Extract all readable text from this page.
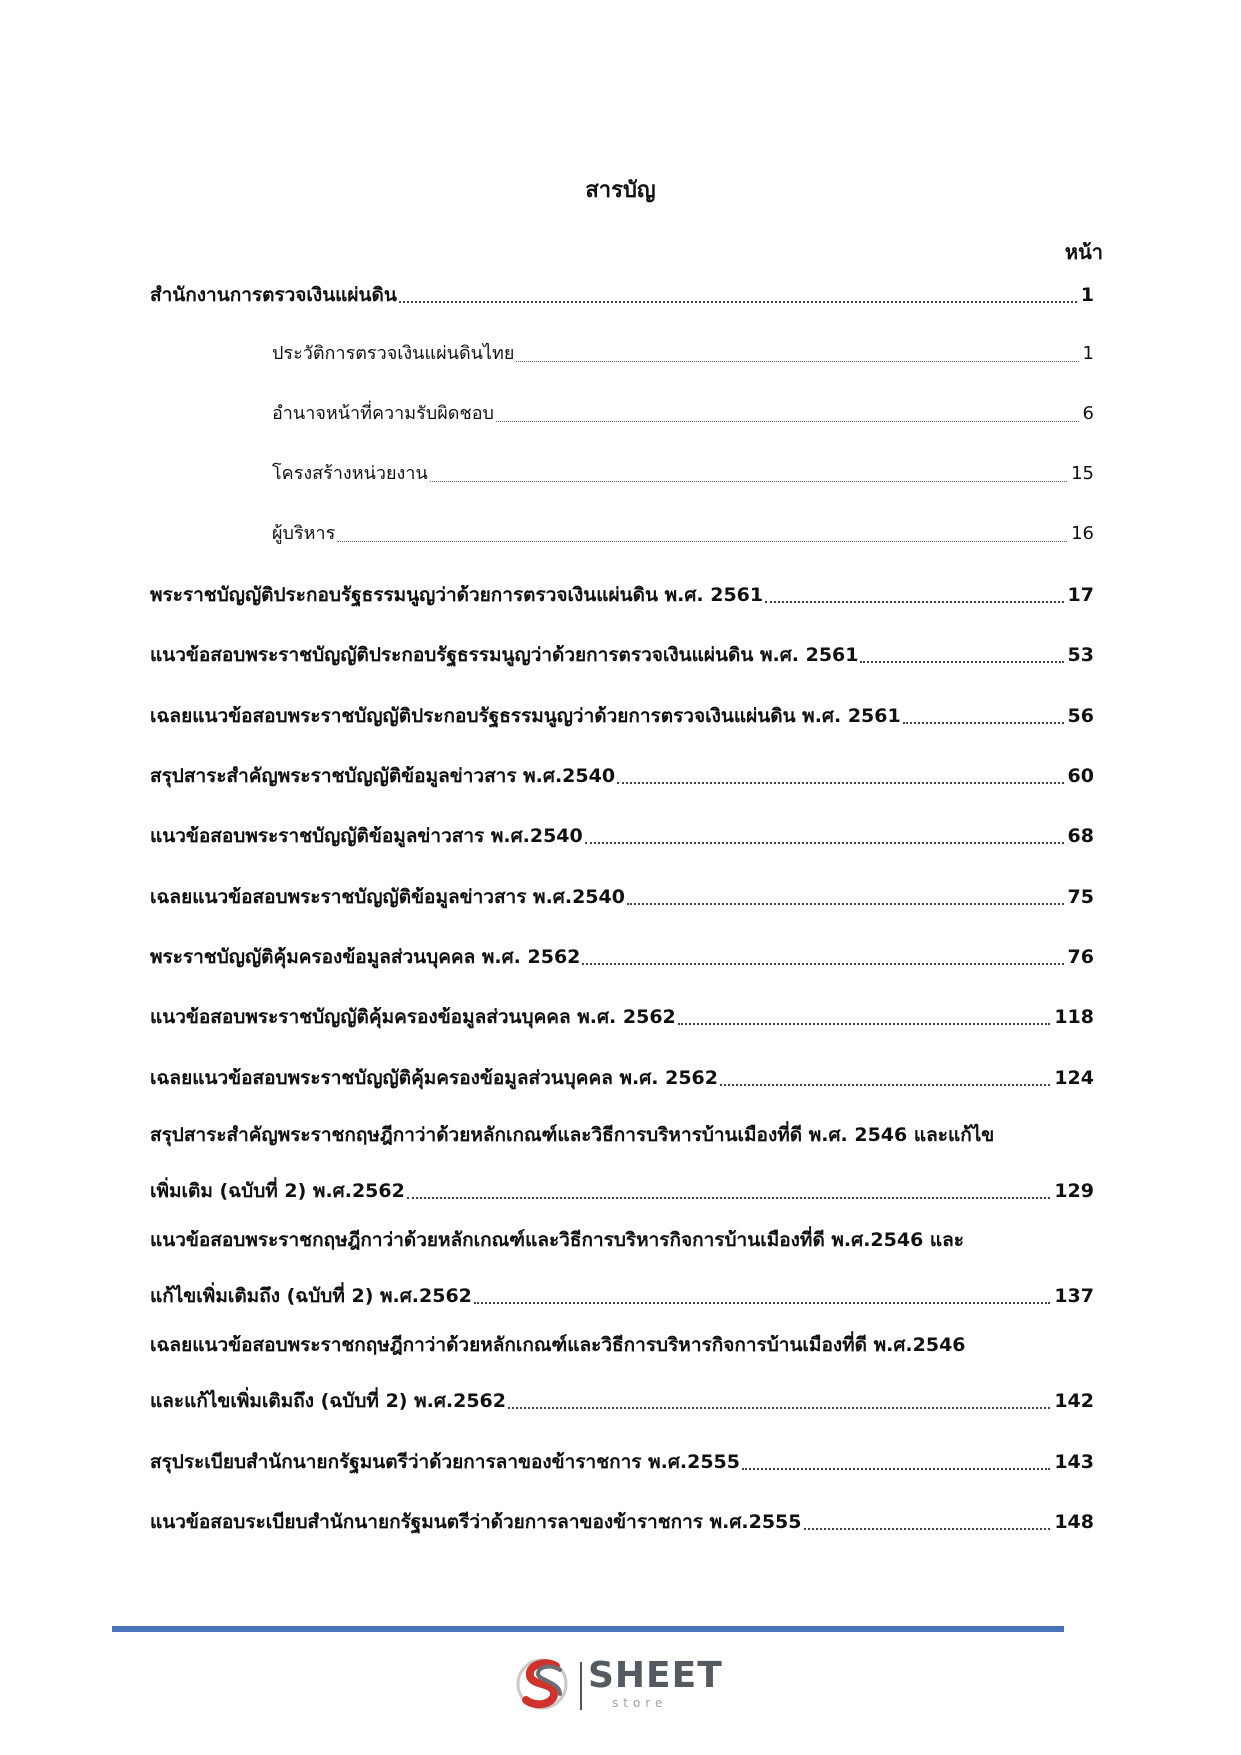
สารบัญ
หน้า
สำนักงานการตรวจเงินแผ่นดิน	1
ประวัติการตรวจเงินแผ่นดินไทย	1
อำนาจหน้าที่ความรับผิดชอบ	6
โครงสร้างหน่วยงาน	15
ผู้บริหาร	16
พระราชบัญญัติประกอบรัฐธรรมนูญว่าด้วยการตรวจเงินแผ่นดิน พ.ศ. 2561	17
แนวข้อสอบพระราชบัญญัติประกอบรัฐธรรมนูญว่าด้วยการตรวจเงินแผ่นดิน พ.ศ. 2561	53
เฉลยแนวข้อสอบพระราชบัญญัติประกอบรัฐธรรมนูญว่าด้วยการตรวจเงินแผ่นดิน พ.ศ. 2561	56
สรุปสาระสำคัญพระราชบัญญัติข้อมูลข่าวสาร พ.ศ.2540	60
แนวข้อสอบพระราชบัญญัติข้อมูลข่าวสาร พ.ศ.2540	68
เฉลยแนวข้อสอบพระราชบัญญัติข้อมูลข่าวสาร พ.ศ.2540	75
พระราชบัญญัติคุ้มครองข้อมูลส่วนบุคคล พ.ศ. 2562	76
แนวข้อสอบพระราชบัญญัติคุ้มครองข้อมูลส่วนบุคคล พ.ศ. 2562	118
เฉลยแนวข้อสอบพระราชบัญญัติคุ้มครองข้อมูลส่วนบุคคล พ.ศ. 2562	124
สรุปสาระสำคัญพระราชกฤษฎีกาว่าด้วยหลักเกณฑ์และวิธีการบริหารบ้านเมืองที่ดี พ.ศ. 2546 และแก้ไข
เพิ่มเติม (ฉบับที่ 2) พ.ศ.2562	129
แนวข้อสอบพระราชกฤษฎีกาว่าด้วยหลักเกณฑ์และวิธีการบริหารกิจการบ้านเมืองที่ดี พ.ศ.2546 และ
แก้ไขเพิ่มเติมถึง (ฉบับที่ 2) พ.ศ.2562	137
เฉลยแนวข้อสอบพระราชกฤษฎีกาว่าด้วยหลักเกณฑ์และวิธีการบริหารกิจการบ้านเมืองที่ดี พ.ศ.2546
และแก้ไขเพิ่มเติมถึง (ฉบับที่ 2) พ.ศ.2562	142
สรุประเบียบสำนักนายกรัฐมนตรีว่าด้วยการลาของข้าราชการ พ.ศ.2555	143
แนวข้อสอบระเบียบสำนักนายกรัฐมนตรีว่าด้วยการลาของข้าราชการ พ.ศ.2555	148
SHEET
store
